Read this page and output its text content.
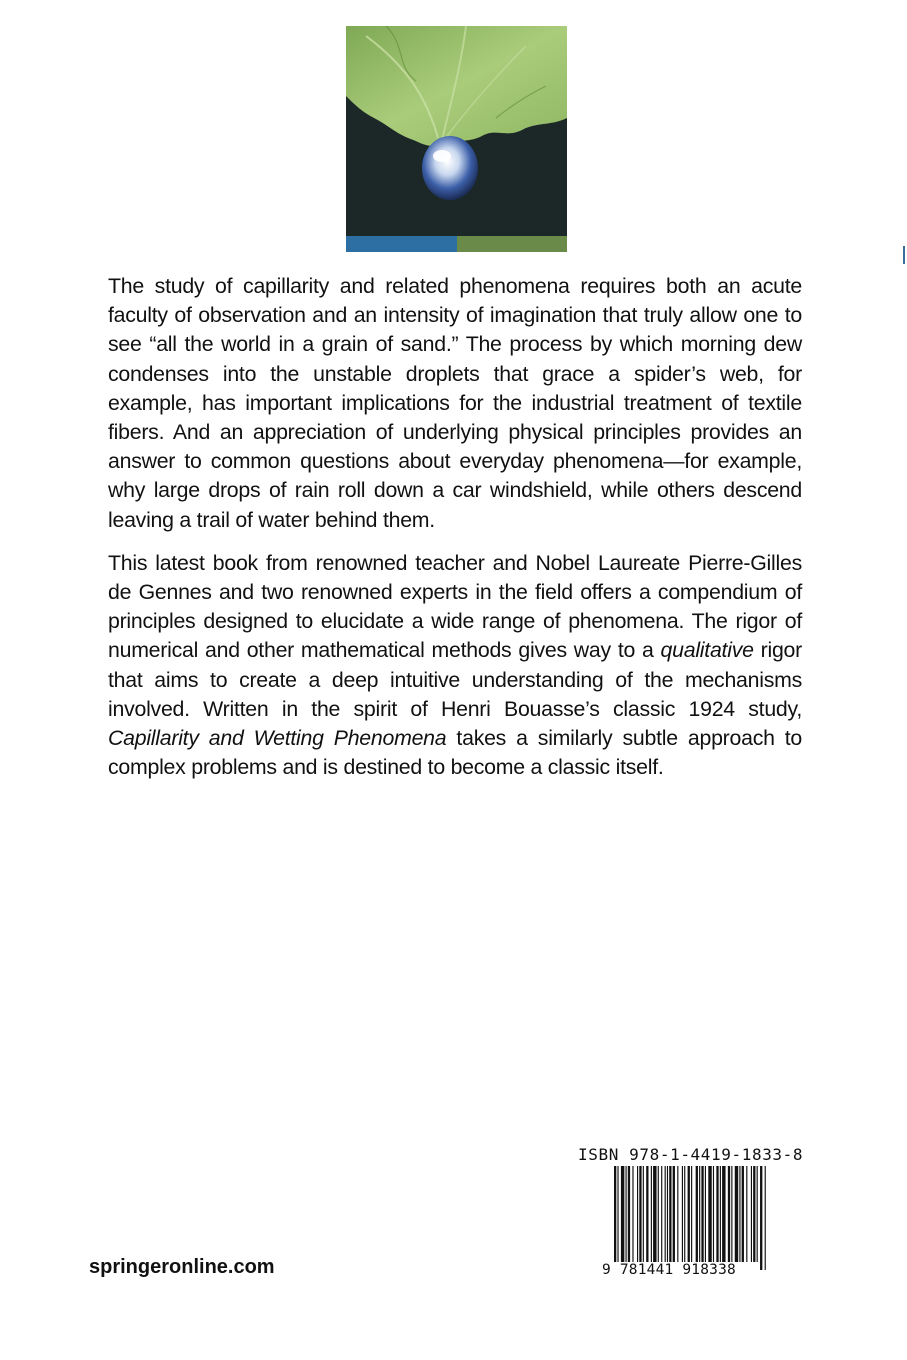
The study of capillarity and related phenomena requires both an acute faculty of observation and an intensity of imagination that truly allow one to see “all the world in a grain of sand.” The process by which morning dew condenses into the unstable droplets that grace a spider’s web, for example, has important implications for the industrial treatment of textile fibers. And an appreciation of underlying physical principles provides an answer to common questions about everyday phenomena—for example, why large drops of rain roll down a car windshield, while others descend leaving a trail of water behind them.

This latest book from renowned teacher and Nobel Laureate Pierre-Gilles de Gennes and two renowned experts in the field offers a compendium of principles designed to elucidate a wide range of phenomena. The rigor of numerical and other mathematical methods gives way to a qualitative rigor that aims to create a deep intuitive understanding of the mechanisms involved. Written in the spirit of Henri Bouasse’s classic 1924 study, Capillarity and Wetting Phenomena takes a similarly subtle approach to complex problems and is destined to become a classic itself.

ISBN 978-1-4419-1833-8
9 781441 918338
springeronline.com
